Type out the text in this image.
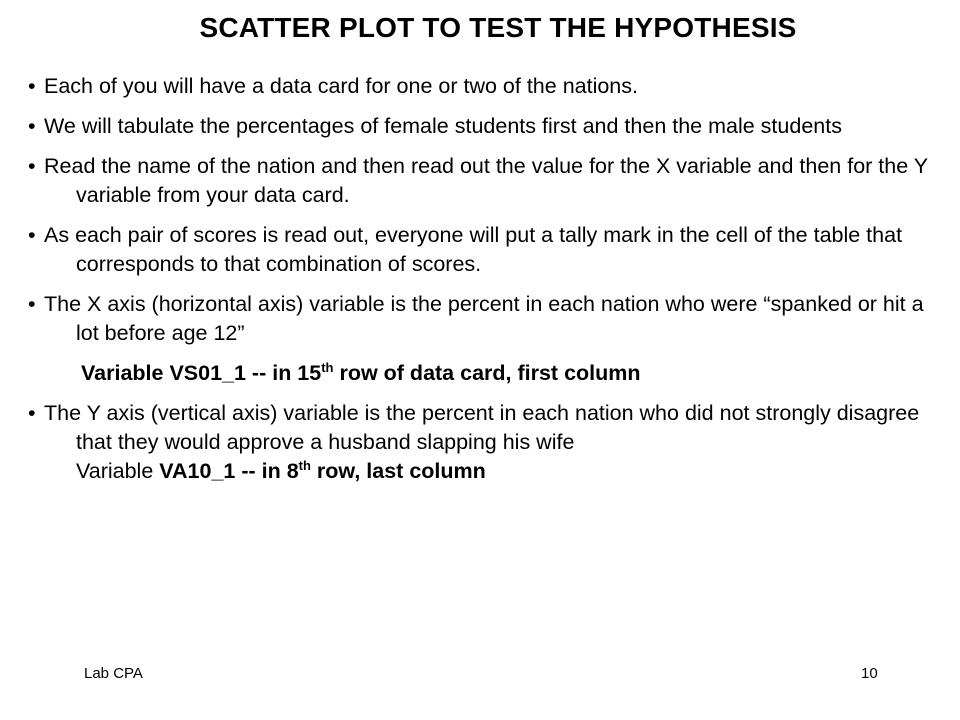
SCATTER PLOT TO TEST THE HYPOTHESIS

• Each of you will have a data card for one or two of the nations.

• We will tabulate the percentages of female students first and then the male students

• Read the name of the nation and then read out the value for the X variable and then for the Y variable from your data card.

• As each pair of scores is read out, everyone will put a tally mark in the cell of the table that corresponds to that combination of scores.

• The X axis (horizontal axis) variable is the percent in each nation who were “spanked or hit a lot before age 12”

Variable VS01_1 -- in 15th row of data card, first column

• The Y axis (vertical axis) variable is the percent in each nation who did not strongly disagree that they would approve a husband slapping his wife
Variable VA10_1 -- in 8th row, last column

Lab CPA	10
